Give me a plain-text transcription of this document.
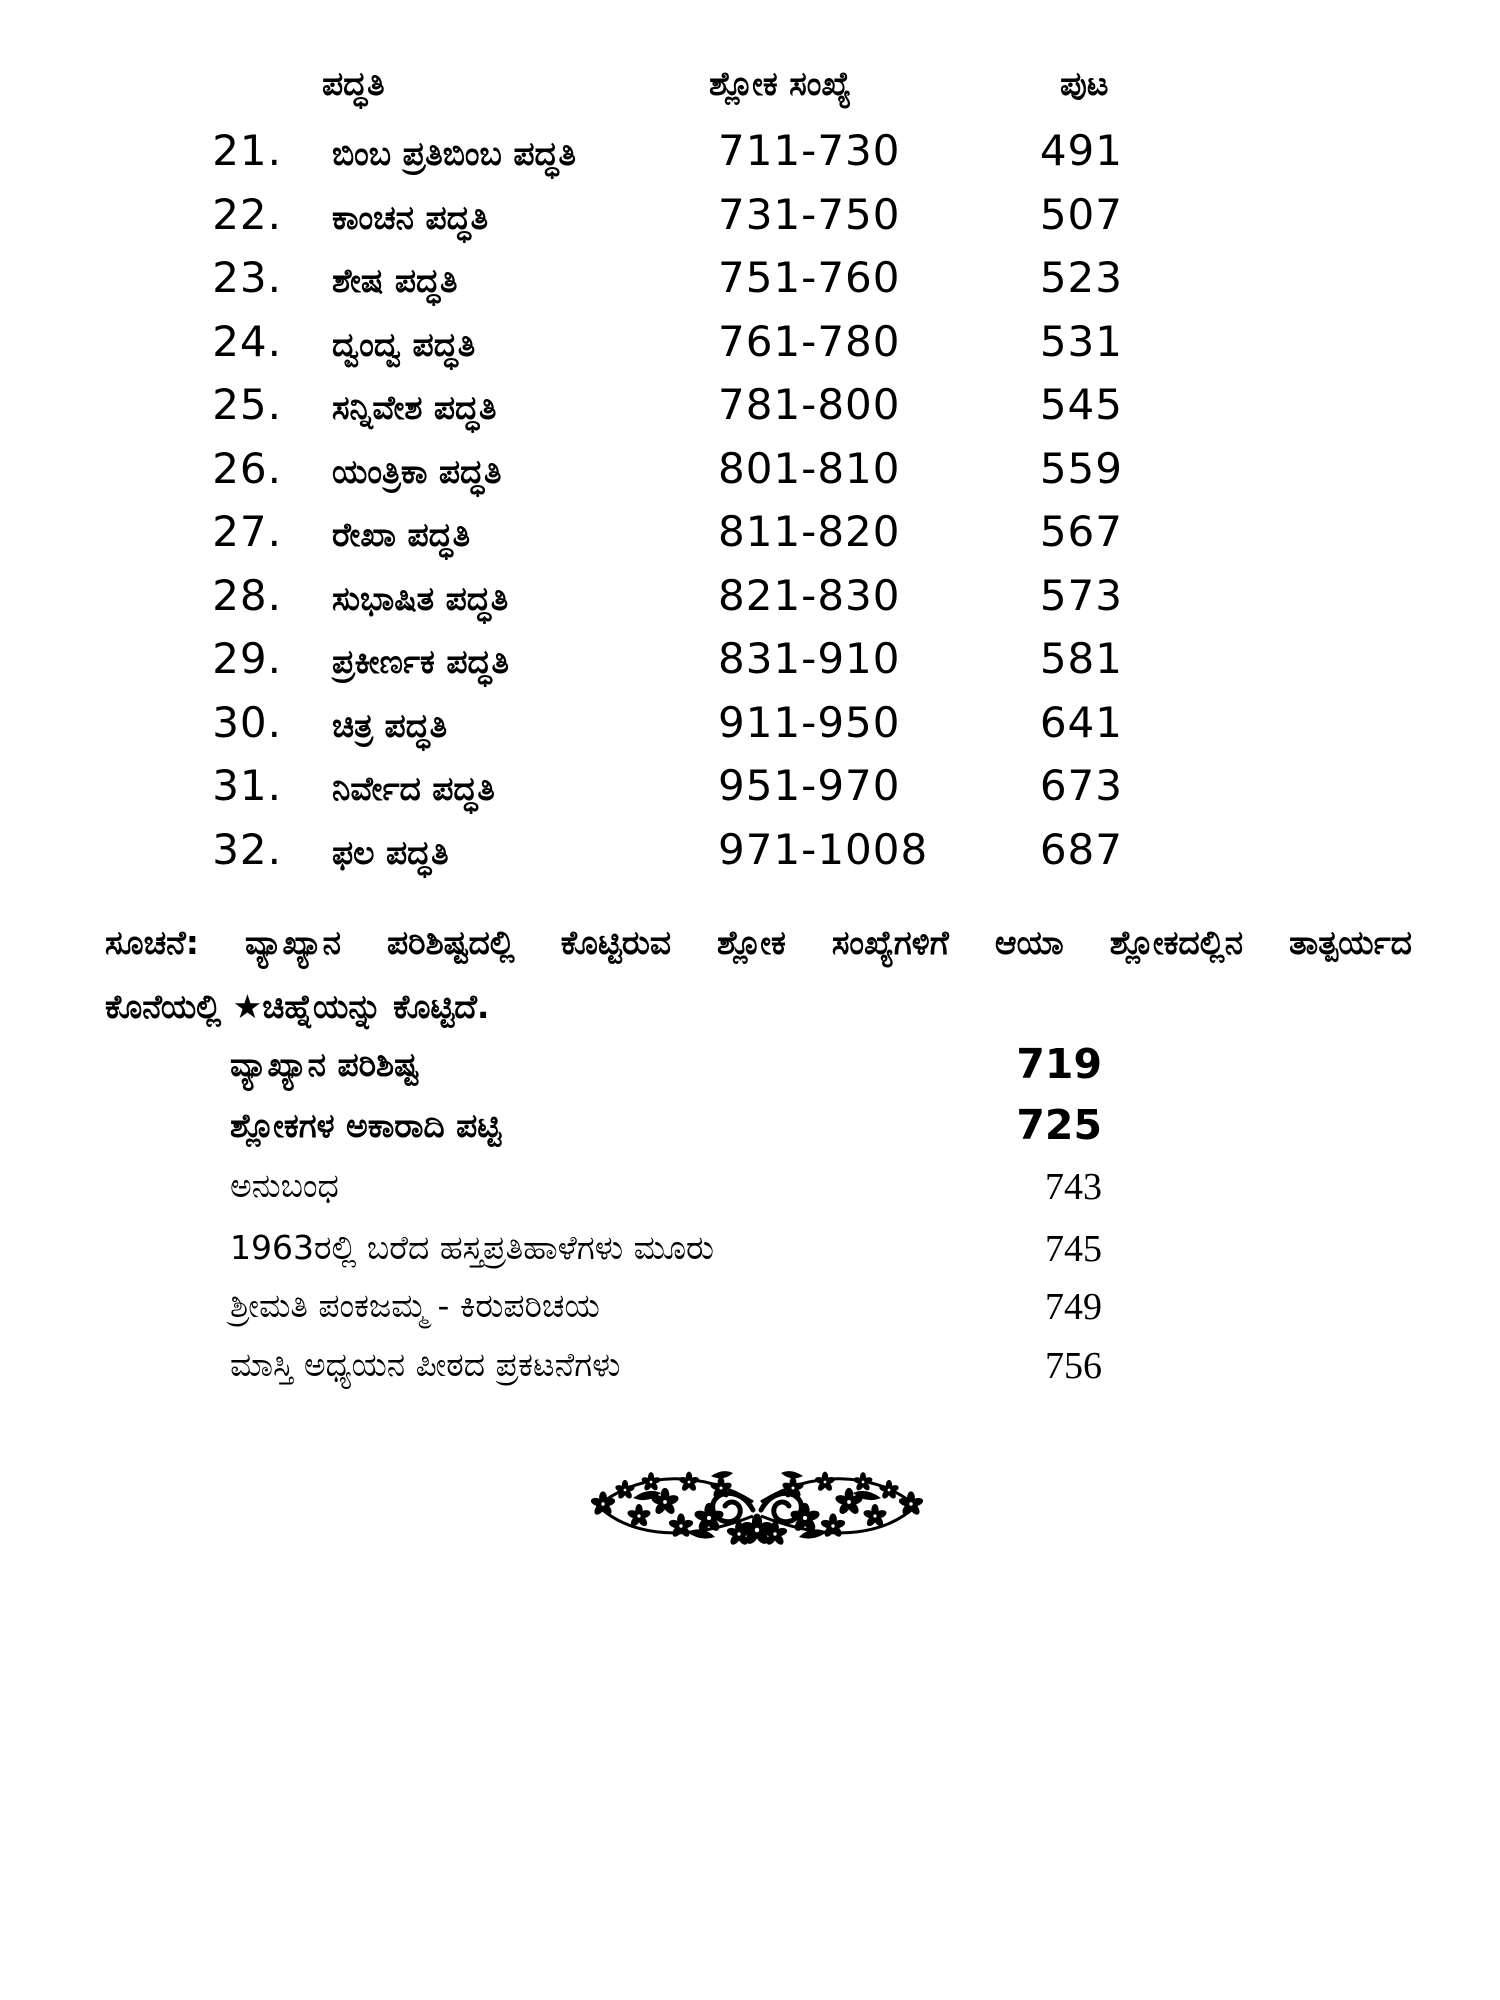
ಪದ್ಧತಿ	ಶ್ಲೋಕ ಸಂಖ್ಯೆ	ಪುಟ
21. ಬಿಂಬ ಪ್ರತಿಬಿಂಬ ಪದ್ಧತಿ	711-730	491
22. ಕಾಂಚನ ಪದ್ಧತಿ	731-750	507
23. ಶೇಷ ಪದ್ಧತಿ	751-760	523
24. ದ್ವಂದ್ವ ಪದ್ಧತಿ	761-780	531
25. ಸನ್ನಿವೇಶ ಪದ್ಧತಿ	781-800	545
26. ಯಂತ್ರಿಕಾ ಪದ್ಧತಿ	801-810	559
27. ರೇಖಾ ಪದ್ಧತಿ	811-820	567
28. ಸುಭಾಷಿತ ಪದ್ಧತಿ	821-830	573
29. ಪ್ರಕೀರ್ಣಕ ಪದ್ಧತಿ	831-910	581
30. ಚಿತ್ರ ಪದ್ಧತಿ	911-950	641
31. ನಿರ್ವೇದ ಪದ್ಧತಿ	951-970	673
32. ಫಲ ಪದ್ಧತಿ	971-1008	687
ಸೂಚನೆ: ವ್ಯಾಖ್ಯಾನ ಪರಿಶಿಷ್ಟದಲ್ಲಿ ಕೊಟ್ಟಿರುವ ಶ್ಲೋಕ ಸಂಖ್ಯೆಗಳಿಗೆ ಆಯಾ ಶ್ಲೋಕದಲ್ಲಿನ ತಾತ್ಪರ್ಯದ
ಕೊನೆಯಲ್ಲಿ ★ಚಿಹ್ನೆಯನ್ನು ಕೊಟ್ಟಿದೆ.
ವ್ಯಾಖ್ಯಾನ ಪರಿಶಿಷ್ಟ	719
ಶ್ಲೋಕಗಳ ಅಕಾರಾದಿ ಪಟ್ಟಿ	725
ಅನುಬಂಧ	743
1963ರಲ್ಲಿ ಬರೆದ ಹಸ್ತಪ್ರತಿಹಾಳೆಗಳು ಮೂರು	745
ಶ್ರೀಮತಿ ಪಂಕಜಮ್ಮ - ಕಿರುಪರಿಚಯ	749
ಮಾಸ್ತಿ ಅಧ್ಯಯನ ಪೀಠದ ಪ್ರಕಟನೆಗಳು	756
